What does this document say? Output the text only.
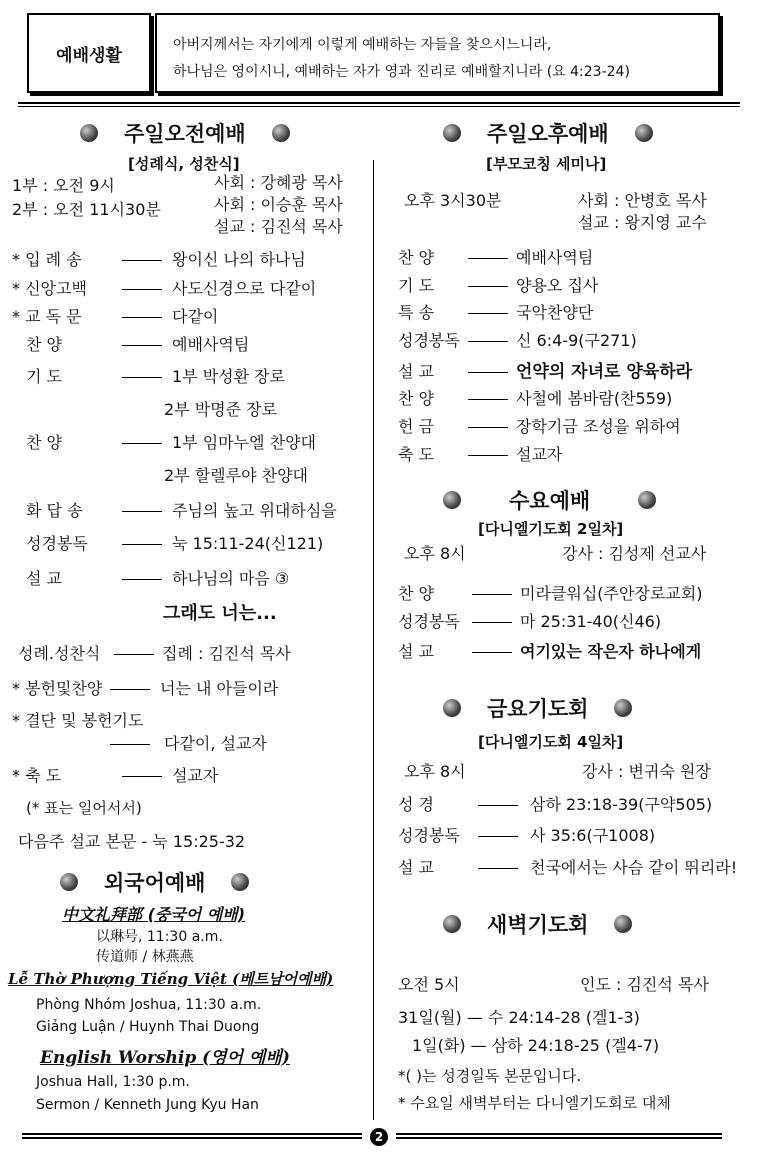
예배생활
아버지께서는 자기에게 이렇게 예배하는 자들을 찾으시느니라,
하나님은 영이시니, 예배하는 자가 영과 진리로 예배할지니라 (요 4:23-24)
주일오전예배
[성례식, 성찬식]
1부 : 오전 9시
2부 : 오전 11시30분
사회 : 강혜광 목사
사회 : 이승훈 목사
설교 : 김진석 목사
* 입 례 송	왕이신 나의 하나님
* 신앙고백	사도신경으로 다같이
* 교 독 문	다같이
찬 양	예배사역팀
기 도	1부 박성환 장로
2부 박명준 장로
찬 양	1부 임마누엘 찬양대
2부 할렐루야 찬양대
화 답 송	주님의 높고 위대하심을
성경봉독	눅 15:11-24(신121)
설 교	하나님의 마음 ③
그래도 너는...
성례.성찬식	집례 : 김진석 목사
* 봉헌및찬양	너는 내 아들이라
* 결단 및 봉헌기도
다같이, 설교자
* 축 도	설교자
(* 표는 일어서서)
다음주 설교 본문 - 눅 15:25-32
외국어예배
中文礼拜部 (중국어 예배)
以琳号, 11:30 a.m.
传道师 / 林燕燕
Lễ Thờ Phượng Tiếng Việt (베트남어예배)
Phòng Nhóm Joshua, 11:30 a.m.
Giảng Luận / Huynh Thai Duong
English Worship (영어 예배)
Joshua Hall, 1:30 p.m.
Sermon / Kenneth Jung Kyu Han
주일오후예배
[부모코칭 세미나]
오후 3시30분	사회 : 안병호 목사
설교 : 왕지영 교수
찬 양	예배사역팀
기 도	양용오 집사
특 송	국악찬양단
성경봉독	신 6:4-9(구271)
설 교	언약의 자녀로 양육하라
찬 양	사철에 봄바람(찬559)
헌 금	장학기금 조성을 위하여
축 도	설교자
수요예배
[다니엘기도회 2일차]
오후 8시	강사 : 김성제 선교사
찬 양	미라클워십(주안장로교회)
성경봉독	마 25:31-40(신46)
설 교	여기있는 작은자 하나에게
금요기도회
[다니엘기도회 4일차]
오후 8시	강사 : 변귀숙 원장
성 경	삼하 23:18-39(구약505)
성경봉독	사 35:6(구1008)
설 교	천국에서는 사슴 같이 뛰리라!
새벽기도회
오전 5시	인도 : 김진석 목사
31일(월) — 수 24:14-28 (겔1-3)
1일(화) — 삼하 24:18-25 (겔4-7)
*( )는 성경일독 본문입니다.
* 수요일 새벽부터는 다니엘기도회로 대체
2
